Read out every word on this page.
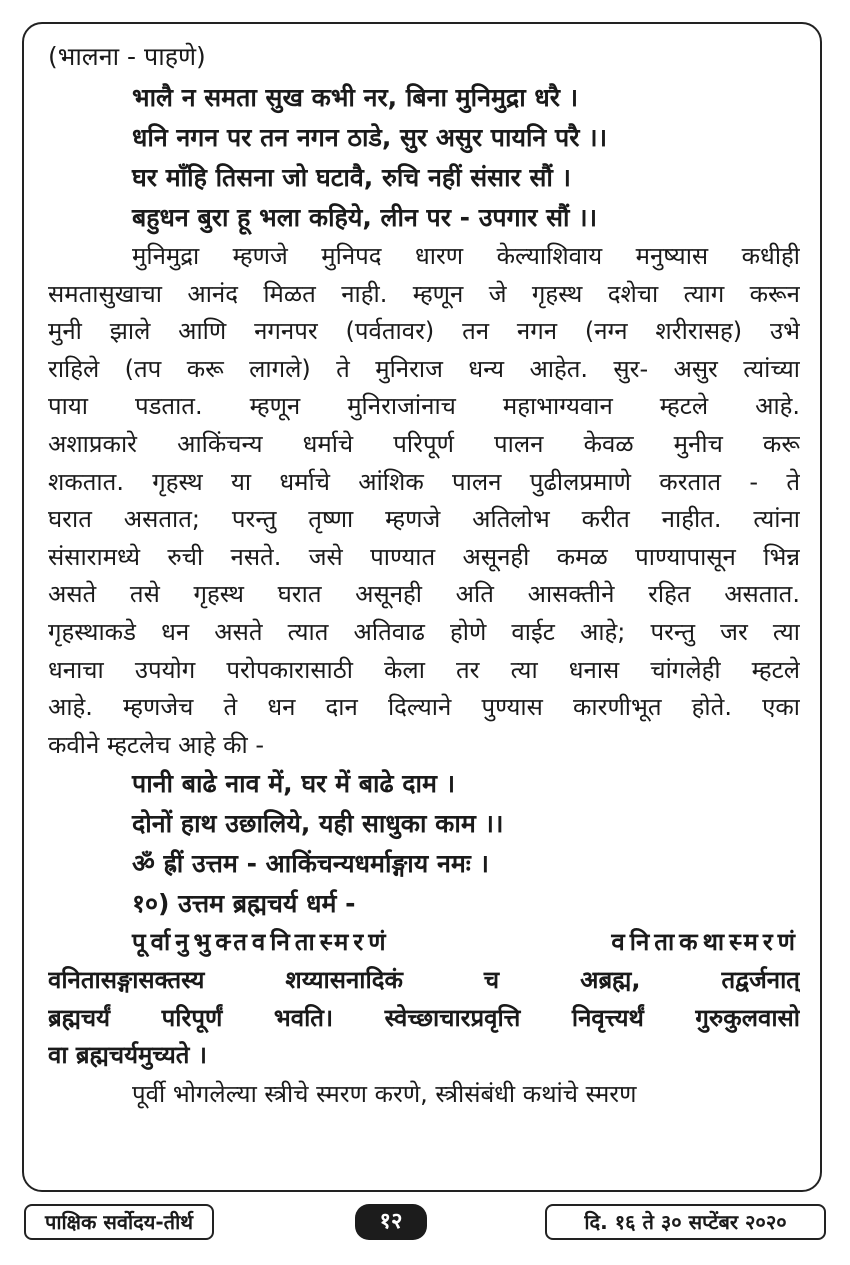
(भालना - पाहणे)
भालै न समता सुख कभी नर, बिना मुनिमुद्रा धरै ।
धनि नगन पर तन नगन ठाडे, सुर असुर पायनि परै ।।
घर माँहि तिसना जो घटावै, रुचि नहीं संसार सौं ।
बहुधन बुरा हू भला कहिये, लीन पर - उपगार सौं ।।
मुनिमुद्रा म्हणजे मुनिपद धारण केल्याशिवाय मनुष्यास कधीही
समतासुखाचा आनंद मिळत नाही. म्हणून जे गृहस्थ दशेचा त्याग करून
मुनी झाले आणि नगनपर (पर्वतावर) तन नगन (नग्न शरीरासह) उभे
राहिले (तप करू लागले) ते मुनिराज धन्य आहेत. सुर- असुर त्यांच्या
पाया पडतात. म्हणून मुनिराजांनाच महाभाग्यवान म्हटले आहे.
अशाप्रकारे आकिंचन्य धर्माचे परिपूर्ण पालन केवळ मुनीच करू
शकतात. गृहस्थ या धर्माचे आंशिक पालन पुढीलप्रमाणे करतात - ते
घरात असतात; परन्तु तृष्णा म्हणजे अतिलोभ करीत नाहीत. त्यांना
संसारामध्ये रुची नसते. जसे पाण्यात असूनही कमळ पाण्यापासून भिन्न
असते तसे गृहस्थ घरात असूनही अति आसक्तीने रहित असतात.
गृहस्थाकडे धन असते त्यात अतिवाढ होणे वाईट आहे; परन्तु जर त्या
धनाचा उपयोग परोपकारासाठी केला तर त्या धनास चांगलेही म्हटले
आहे. म्हणजेच ते धन दान दिल्याने पुण्यास कारणीभूत होते. एका
कवीने म्हटलेच आहे की -
पानी बाढे नाव में, घर में बाढे दाम ।
दोनों हाथ उछालिये, यही साधुका काम ।।
ॐ ह्रीं उत्तम - आकिंचन्यधर्माङ्गाय नमः ।
१०) उत्तम ब्रह्मचर्य धर्म -
पूर्वानुभुक्तवनितास्मरणं वनिताकथास्मरणं
वनितासङ्गासक्तस्य शय्यासनादिकं च अब्रह्म, तद्वर्जनात्
ब्रह्मचर्यं परिपूर्णं भवति। स्वेच्छाचारप्रवृत्ति निवृत्त्यर्थं गुरुकुलवासो
वा ब्रह्मचर्यमुच्यते ।
पूर्वी भोगलेल्या स्त्रीचे स्मरण करणे, स्त्रीसंबंधी कथांचे स्मरण
पाक्षिक सर्वोदय-तीर्थ	१२	दि. १६ ते ३० सप्टेंबर २०२०
